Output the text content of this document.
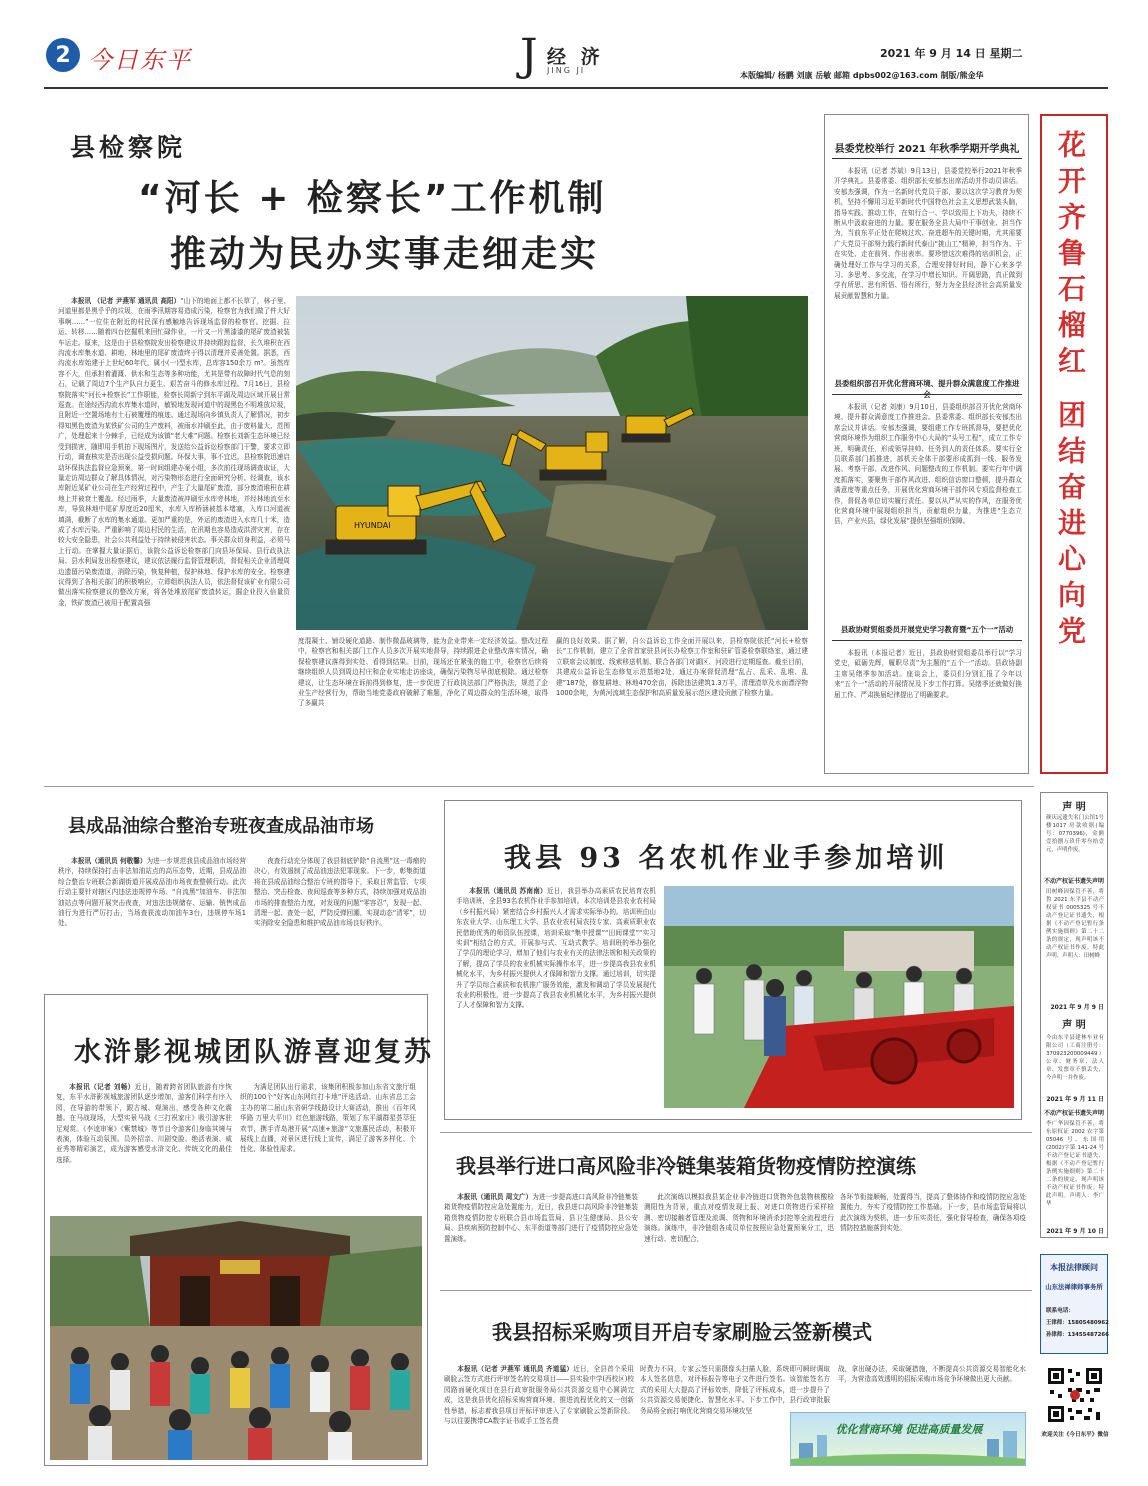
2 今日东平	J 经 济
JING JI
2021 年 9 月 14 日 星期二
本版编辑/ 杨鹏 刘康 岳敏 邮箱 dpbs002@163.com 制版/熊金华
县检察院
“河长 + 检察长”工作机制
推动为民办实事走细走实

本报讯 （记者 尹燕军 通讯员 高阳）“山下的地面上都不长草了，林子里、河道里都是黑乎乎的垃圾，在雨季汛期容易造成污染，检察官为我们做了件大好事啊……”一位住在附近的村民深有感触地告诉现场监督的检察官。挖掘、拉运、转移……随着四台挖掘机来回忙碌作业，一片又一片黑漆漆的尾矿废渣被装车运走。原来，这是由于县检察院发出检察建议并持续跟踪监督，长久堆积在西沟流水库集水道、耕地、林地里的尾矿废渣终于得以清理并妥善处置。据悉，西沟流水库始建于上世纪60年代，属小(一)型水库，总库容150余万 m³。虽然库容不大，但承担着灌溉、供水和生态等多种功能，尤其是带有故障时代气息的刻石，记载了周边7个生产队自力更生、艰苦奋斗的修水库过程。7月16日，县检察院落实“河长+检察长”工作职能，检察长周新宁到东平湖及周边区域开展日常巡查。在途经西沟流水库集水道时，敏锐地发现河道中的现黑色不明堆放垃圾，且附近一空置场地有土石被覆埋的痕迹。通过现场向乡镇负责人了解情况，初步得知黑色废渣为某铁矿公司的生产废料，被雨水冲刷至此，由于废料量大、范围广，处理起来十分棘手，已经成为该镇“老大难”问题。检察长刘新生态环境已经受到损害，随即用手机拍下现场图片，发送给公益诉讼检察部门干警，要求立即行动，调查核实是否出现公益受损问题。环保大事，事不宜迟。县检察院迅速启动环保执法监督应急预案，第一时间组建办案小组，多次前往现场调查取证，大量走访周边群众了解具体情况，对污染物形态进行全面研究分析。经调查，该水库附近某矿业公司在生产经营过程中，产生了大量尾矿废渣，部分废渣堆积在耕地上并被衰土覆盖。经过雨季，大量废渣被冲刷至水库旁林地，并经林地流至水库，导致林地中尾矿厚度近20厘米，水库入库桥涵被基本堵塞，入库口河道被填满，截断了水库的集水通道。更加严重的是，外运的废渣进入水库几十米，造成了水库污染。严重影响了周边村民的生活，在汛期也容易造成洪涝灾害，存在较大安全隐患，社会公共利益处于持续被侵害状态。事关群众切身利益，必须马上行动。在掌握大量证据后，该院公益诉讼检察部门向县环保局、县行政执法局、县水利局发出检察建议，建议依法履行监督管理职责，督促相关企业清理周边遗留污染废渣道，消除污染，恢复种植，保护林地、保护水库的安全。检察建议得到了各相关部门的积极响应，立即组织执法人员，依法督促该矿业有限公司做出落实检察建议的整改方案，将各处堆放尾矿废渣转运，掘企业投入倍量资金，铁矿废渣已被用于配置高强

HYUNDAI

度混凝土、铺设硬化道路、制作微晶玻璃等，能为企业带来一定经济效益。整改过程中，检察官和相关部门工作人员多次开展实地督导，持续跟进企业整改落实情况，确保检察建议落得到实处、看得到结果。目前，现场还在紧张的施工中，检察官后续将继续组织人员到周边村庄和企业实地走访座谈，确保污染物尽早彻底根除。通过检察建议，让生态环境在诉前得到修复，进一步促进了行政执法部门严格执法，规范了企业生产经营行为，帮助当地党委政府破解了难题，净化了周边群众的生活环境，取得了多赢共

赢的良好效果。据了解，自公益诉讼工作全面开展以来，县检察院依托“河长+检察长”工作机制，建立了全省首家驻县河长办检察工作室和驻矿管委检察联络室，通过建立联席会议制度、线索移送机制、联合各部门对湖区、河段进行定期巡查。截至目前，共建成公益诉讼生态修复示范基地2处，通过办案督促清理“乱占、乱采、乱堆、乱建”187处，修复耕地、林地470余亩，拆除违法建筑1.3万平，清理渣草及水面漂浮物1000余吨，为黄河流域生态保护和高质量发展示范区建设贡献了检察力量。

县委党校举行 2021 年秋季学期开学典礼
本报讯（记者 苏斌）9月13日，县委党校举行2021年秋季开学典礼。县委常委、组织部长安郁杰出席活动并作动员讲话。安郁杰强调，作为一名新时代党员干部，要以这次学习教育为契机，坚持不懈用习近平新时代中国特色社会主义思想武装头脑，指导实践、推动工作，在知行合一、学以致用上下功夫，持续不断从中汲取奋进的力量。要在服务全县大局中干事创业、担当作为，当前东平正处在爬坡过坎、奋进超车的关键时期，尤其需要广大党员干部努力践行新时代泰山“挑山工”精神，担当作为、干在实处、走在前列、作出表率。要珍惜这次难得的培训机会，正确处理好工作与学习的关系，合理安排好时间，静下心来多学习、多思考、多交流，在学习中增长知识、开阔思路，真正做到学有所思、思有所悟、悟有所行，努力为全县经济社会高质量发展贡献智慧和力量。
县委组织部召开优化营商环境、提升群众满意度工作推进
本报讯（记者 刘康）9月10日，县委组织部召开优化营商环境、提升群众满意度工作推进会。县委常委、组织部长安郁杰出席会议并讲话。安郁杰强调，要组建工作专班抓督导，要把优化营商环境作为组织工作服务中心大局的“头号工程”，成立工作专班，明确责任，形成领导挂帅、任务到人的责任体系。要实行全员联系部门抓推进，部机关全体干部要形成抓到一线、服务发展、考察干部、改进作风、问题整改的工作机制。要实行年中调度抓落实，要聚焦干部作风改进、组织信访窗口整顿，提升群众满意度等重点任务，开展优化营商环境干部作风专项监督检查工作，督促各单位切实履行责任。要以从严从实的作风，在服务优化营商环境中展现组织担当，贡献组织力量，为推进“生态立县，产业兴县，绿化发展”提供坚强组织保障。
县政协财贸组委员开展党史学习教育暨“五个一”活动
本报讯（本报记者）近日，县政协财贸组委员举行以“学习党史，砥砺先辉，履职尽责”为主题的“五个一”活动。县政协副主席吴绪季参加活动。座谈会上，委员们分别汇报了今年以来“五个一”活动的开展情况及下步工作打算。吴绪季还就做好换届工作、严肃换届纪律提出了明确要求。
花开齐鲁石榴红 团结奋进心向党
县成品油综合整治专班夜查成品油市场

本报讯（通讯员 何敬馨）为进一步规范我县成品油市场经营秩序，持续保持打击非法加油站点的高压态势，近期，县成品油综合整治专班联合新湖街道开展成品油市场夜查整顿行动。此次行动主要针对辖区内违法违规停车场、“自流黑”加油车、非法加油站点等问题开展突击夜查，对违法违规储存、运输、销售成品油行为进行严厉打击，当场查获流动加油车3台，违规停车场1处。

夜查行动充分体现了我县彻底铲除“自流黑”这一毒瘤的决心，有效遏制了成品油违法犯罪现象。下一步，彰集街道将在县成品油综合整治专班的指导下，采取日常监管、专项整治、突击检查、夜间巡查等多种方式，持续加强对成品油市场的排查整治力度，对发现的问题“零容忍”，发现一起、清理一起、查处一起，严防反弹回潮，实现动态“清零”，切实消除安全隐患和维护成品油市场良好秩序。

我县 93 名农机作业手参加培训

本报讯（通讯员 苏南南）近日，我县举办高素质农民培育农机手培训班，全县93名农机作业手参加培训。本次培训是县农业农村局（乡村振兴局）紧密结合乡村振兴人才需求实际举办的。培训班由山东农业大学、山东理工大学、县农业农村局农技专家、高素质职业农民借助优秀的师资队伍授课，培训采取“集中授课”“田间课堂”“实习实训”相结合的方式，开展参与式、互动式教学。培训班的举办强化了学员的理论学习，增加了他们与农业有关的法律法规和相关政策的了解，提高了学员的农业机械实际操作水平，进一步提高我县农业机械化水平，为乡村振兴提供人才保障和智力支撑。通过培训，切实提升了学员综合素质和农机推广服务效能，激发和调动了学员发展现代农业的积极性，进一步提高了我县农业机械化水平，为乡村振兴提供了人才保障和智力支撑。

水浒影视城团队游喜迎复苏

本报讯（记者 刘畅）近日，随着跨省团队旅游有序恢复，东平水浒影视城旅游团队逐步增加，游客们科学有序入园，在导游的带领下，跟古城、观演出，感受各种文化震撼。在马战现场，大型实景马战《三打祝家庄》吸引游客驻足观赏。《李逵审案》《紫禁城》等节目令游客们身临其境与表演，体验互动氛围。员外招亲、川剧变脸、绝活表演、威亚秀等精彩演艺，成为游客感受水浒文化、传统文化的最佳选择。

为满足团队出行需求，该集团积极参加山东省文旅厅组织的100个“好客山东网红打卡地”评选活动、山东省总工会主办的第二届山东省研学线路设计大赛活动，推出《百年风华路 万里大平川》红色旅游线路，策划了东平湖群星荟萃狂欢节，携手青岛港开展“高速+旅游”文旅惠民活动，积极开展线上直播，对景区进行线上宣传，满足了游客多样化、个性化、体验性需求。

我县举行进口高风险非冷链集装箱货物疫情防控演练

本报讯（通讯员 周文广）为进一步提高进口高风险非冷链集装箱货物疫情防控应急处置能力，近日，我县进口高风险非冷链集装箱货物疫情防控专班联合县市场监管局、县卫生健康局、县公安局、县疾病预防控制中心、东平街道等部门进行了疫情防控应急处置演练。

此次演练以模拟我县某企业非冷链进口货物外包装物核酸检测阳性为背景，重点对疫情发现上报、对进口货物进行采样检测、密切接触者管理及流调、货物和环境消杀封控等全流程进行演练。演练中，非冷链组各成员单位按照应急处置预案分工，迅速行动、密切配合，

各环节衔接顺畅，处置得当，提高了整体协作和疫情防控应急处置能力，夯实了疫情防控工作基础。下一步，县市场监管局将以此次演练为契机，进一步压实责任，强化督导检查，确保各项疫情防控措施落到实处。

我县招标采购项目开启专家刷脸云签新模式

本报讯（记者 尹燕军 通讯员 齐道猛）近日，全县首个采用刷脸云签方式进行评审签名的交易项目——县实验中学(西校区)校园路面硬化项目在县行政审批服务局公共资源交易中心圆满完成，这是我县优化招标采购营商环境、推进流程优化的又一创新性举措，标志着我县项目评标评审进入了专家刷脸云签新阶段。与以往要携带CA数字证书或手工签名费

时费力不同，专家云签只需摄像头扫描人脸，系统即可瞬时调取本人签名信息，对评标报告等电子文件进行签名。该智能签名方式的采用大大提高了评标效率，降低了评标成本，进一步提升了公共资源交易便捷化、智慧化水平。下步工作中，县行政审批服务局将全面打响优化营商交易环境攻坚

战，拿出硬办法，采取硬措施，不断提高公共资源交易智能化水平，为营造高效透明的招标采购市场竞争环境做出更大贡献。

优化营商环境 促进高质量发展
声 明
颜庆远遗失名门公馆1号楼1017 房款收据(编号：0770396)，金额壹拾捌万玖仟零叁拾壹元，声明作废。
不动产权证书遗失声明
田树峰因保管不善，将鲁 2021 东平县不动产权证书 0005325 号不动产登记证书遗失，根据《不动产登记暂行条例实施细则》第二十二条的规定，现声明该不动产权证书作废。特此声明。声明人：田树峰
2021 年 9 月 9 日
声 明
今由东平县建林车业有限公司（工商注册号：370923200009449）公章、财务章、法人章、发票章不慎丢失，今声明一并作废。
2021 年 9 月 11 日
不动产权证书遗失声明
李广华因保管不善，将东原权证 2002 农字第 05046 号、东国用(2002)字第 141-24 号不动产登记证书遗失，根据《不动产登记暂行条例实施细则》第二十二条的规定，现声明该不动产权证书作废。特此声明。声明人：李广华
2021 年 9 月 10 日
本报法律顾问
山东法禅律师事务所
联系电话：
王律师：15805480962
孙律师：13455487266
欢迎关注《今日东平》微信
